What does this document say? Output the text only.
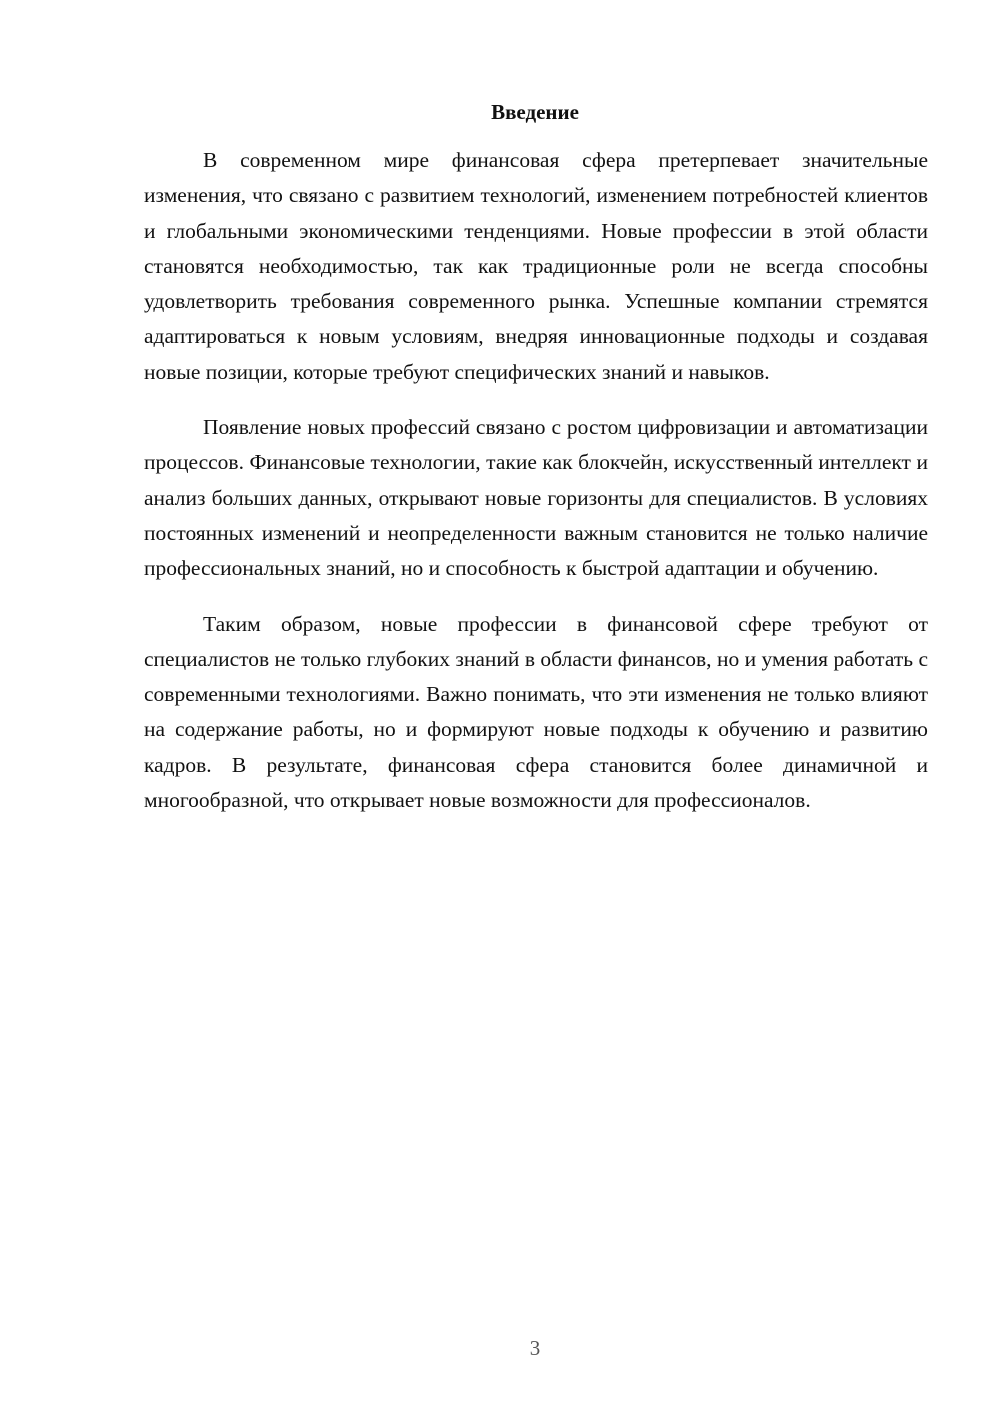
Введение

В современном мире финансовая сфера претерпевает значительные изменения, что связано с развитием технологий, изменением потребностей клиентов и глобальными экономическими тенденциями. Новые профессии в этой области становятся необходимостью, так как традиционные роли не всегда способны удовлетворить требования современного рынка. Успешные компании стремятся адаптироваться к новым условиям, внедряя инновационные подходы и создавая новые позиции, которые требуют специфических знаний и навыков.

Появление новых профессий связано с ростом цифровизации и автоматизации процессов. Финансовые технологии, такие как блокчейн, искусственный интеллект и анализ больших данных, открывают новые горизонты для специалистов. В условиях постоянных изменений и неопределенности важным становится не только наличие профессиональных знаний, но и способность к быстрой адаптации и обучению.

Таким образом, новые профессии в финансовой сфере требуют от специалистов не только глубоких знаний в области финансов, но и умения работать с современными технологиями. Важно понимать, что эти изменения не только влияют на содержание работы, но и формируют новые подходы к обучению и развитию кадров. В результате, финансовая сфера становится более динамичной и многообразной, что открывает новые возможности для профессионалов.

3
